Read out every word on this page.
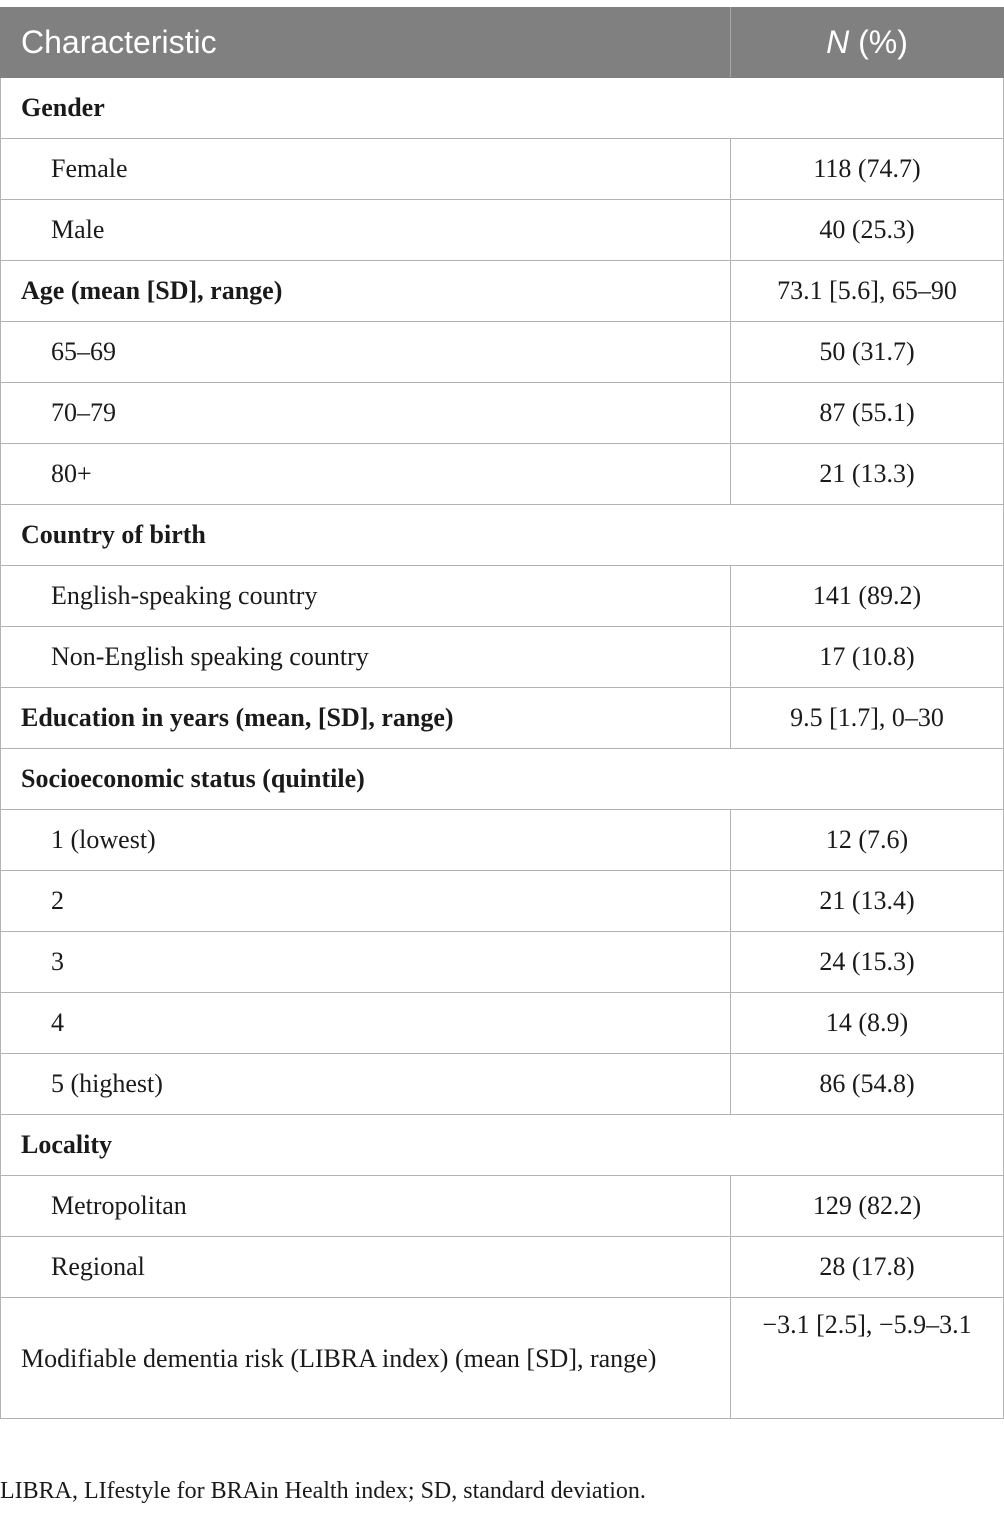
Characteristic	N (%)
Gender	
Female	118 (74.7)
Male	40 (25.3)
Age (mean [SD], range)	73.1 [5.6], 65–90
65–69	50 (31.7)
70–79	87 (55.1)
80+	21 (13.3)
Country of birth	
English-speaking country	141 (89.2)
Non-English speaking country	17 (10.8)
Education in years (mean, [SD], range)	9.5 [1.7], 0–30
Socioeconomic status (quintile)	
1 (lowest)	12 (7.6)
2	21 (13.4)
3	24 (15.3)
4	14 (8.9)
5 (highest)	86 (54.8)
Locality	
Metropolitan	129 (82.2)
Regional	28 (17.8)
Modifiable dementia risk (LIBRA index) (mean [SD], range)	−3.1 [2.5], −5.9–3.1
LIBRA, LIfestyle for BRAin Health index; SD, standard deviation.
